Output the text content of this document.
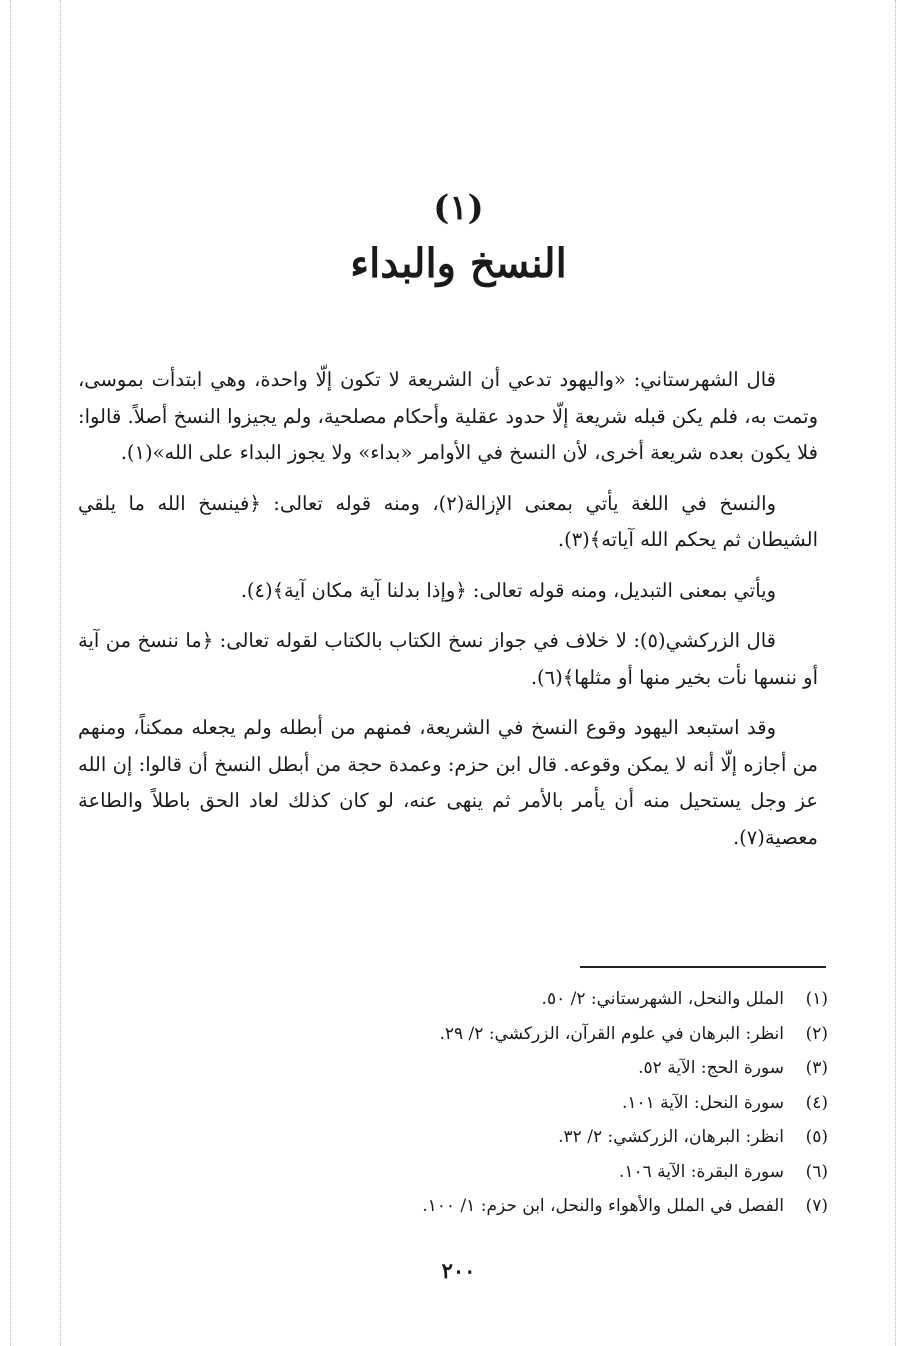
(١)
النسخ والبداء

قال الشهرستاني: «واليهود تدعي أن الشريعة لا تكون إلّا واحدة، وهي ابتدأت بموسى، وتمت به، فلم يكن قبله شريعة إلّا حدود عقلية وأحكام مصلحية، ولم يجيزوا النسخ أصلاً. قالوا: فلا يكون بعده شريعة أخرى، لأن النسخ في الأوامر «بداء» ولا يجوز البداء على الله»(١).

والنسخ في اللغة يأتي بمعنى الإزالة(٢)، ومنه قوله تعالى: ﴿فينسخ الله ما يلقي الشيطان ثم يحكم الله آياته﴾(٣).

ويأتي بمعنى التبديل، ومنه قوله تعالى: ﴿وإذا بدلنا آية مكان آية﴾(٤).

قال الزركشي(٥): لا خلاف في جواز نسخ الكتاب بالكتاب لقوله تعالى: ﴿ما ننسخ من آية أو ننسها نأت بخير منها أو مثلها﴾(٦).

وقد استبعد اليهود وقوع النسخ في الشريعة، فمنهم من أبطله ولم يجعله ممكناً، ومنهم من أجازه إلّا أنه لا يمكن وقوعه. قال ابن حزم: وعمدة حجة من أبطل النسخ أن قالوا: إن الله عز وجل يستحيل منه أن يأمر بالأمر ثم ينهى عنه، لو كان كذلك لعاد الحق باطلاً والطاعة معصية(٧).

(١)الملل والنحل، الشهرستاني: ٢/ ٥٠.
(٢)انظر: البرهان في علوم القرآن، الزركشي: ٢/ ٢٩.
(٣)سورة الحج: الآية ٥٢.
(٤)سورة النحل: الآية ١٠١.
(٥)انظر: البرهان، الزركشي: ٢/ ٣٢.
(٦)سورة البقرة: الآية ١٠٦.
(٧)الفصل في الملل والأهواء والنحل، ابن حزم: ١/ ١٠٠.
٢٠٠
